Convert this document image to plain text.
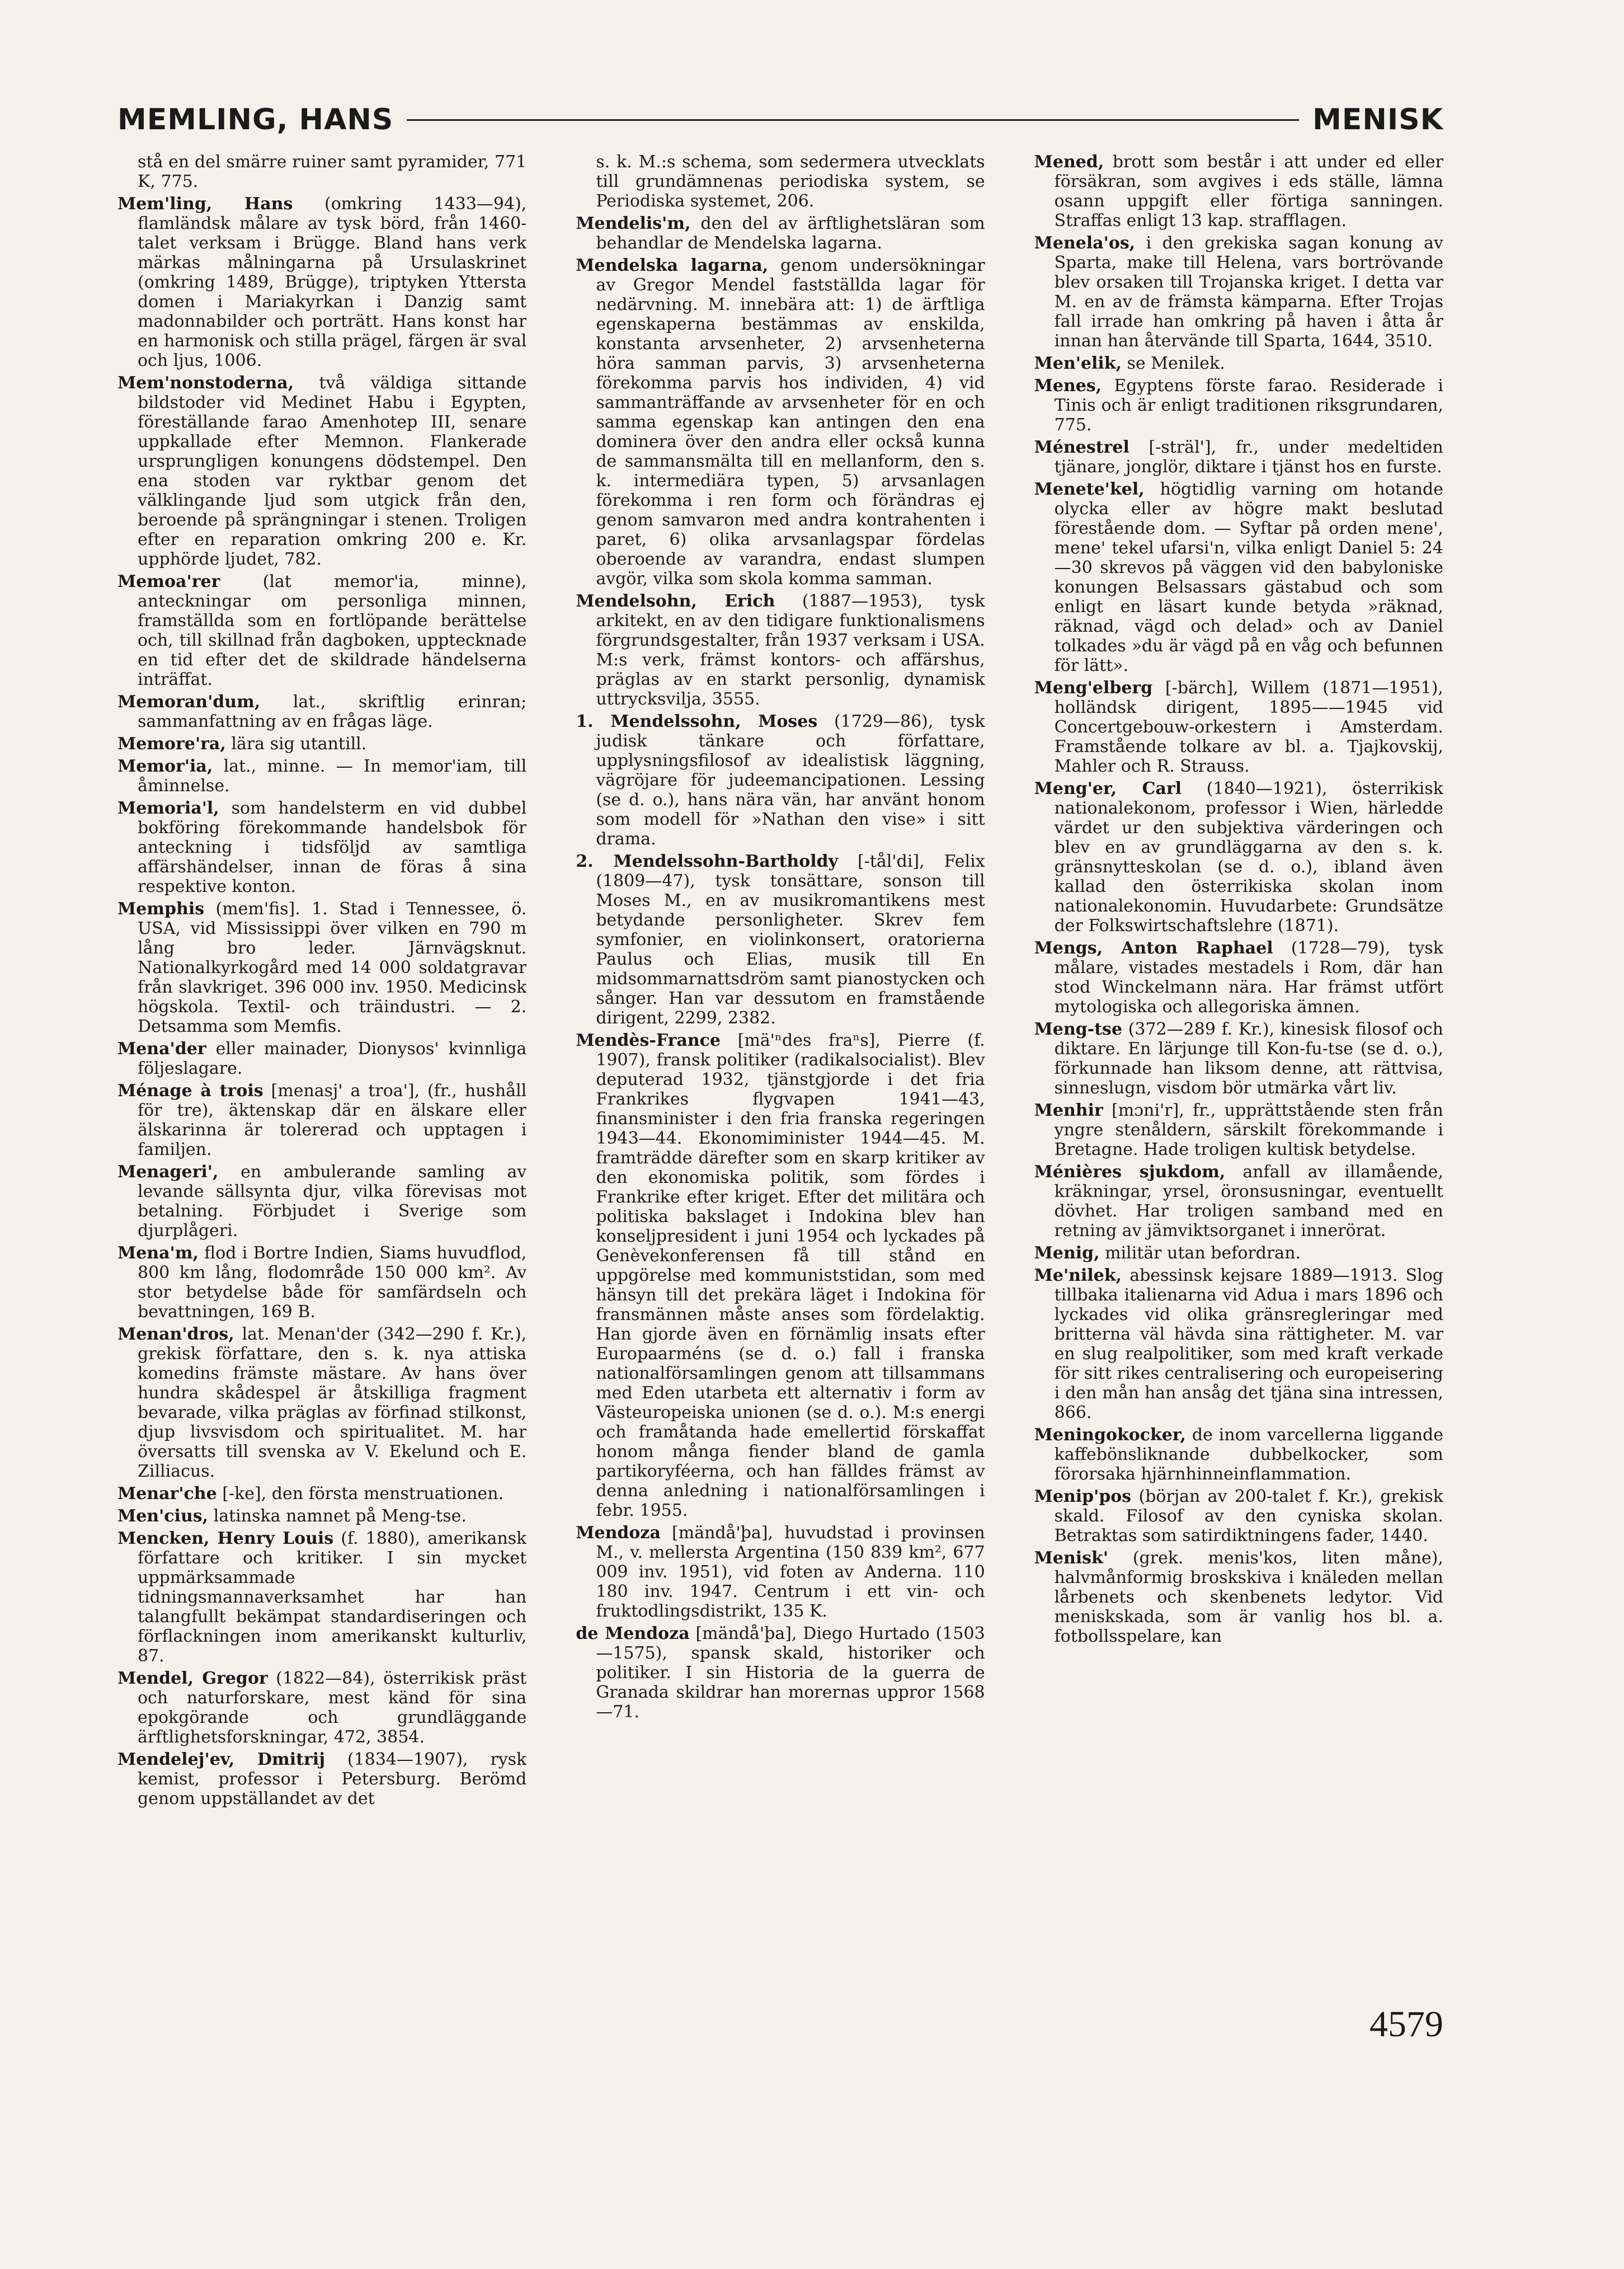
MEMLING, HANS	MENISK

stå en del smärre ruiner samt pyramider, 771 K, 775.

Mem'ling, Hans (omkring 1433—94), flamländsk målare av tysk börd, från 1460-talet verksam i Brügge. Bland hans verk märkas målningarna på Ursulaskrinet (omkring 1489, Brügge), triptyken Yttersta domen i Mariakyrkan i Danzig samt madonnabilder och porträtt. Hans konst har en harmonisk och stilla prägel, färgen är sval och ljus, 1006.

Mem'nonstoderna, två väldiga sittande bildstoder vid Medinet Habu i Egypten, föreställande farao Amenhotep III, senare uppkallade efter Memnon. Flankerade ursprungligen konungens dödstempel. Den ena stoden var ryktbar genom det välklingande ljud som utgick från den, beroende på sprängningar i stenen. Troligen efter en reparation omkring 200 e. Kr. upphörde ljudet, 782.

Memoa'rer (lat memor'ia, minne), anteckningar om personliga minnen, framställda som en fortlöpande berättelse och, till skillnad från dagboken, upptecknade en tid efter det de skildrade händelserna inträffat.

Memoran'dum, lat., skriftlig erinran; sammanfattning av en frågas läge.

Memore'ra, lära sig utantill.

Memor'ia, lat., minne. — In memor'iam, till åminnelse.

Memoria'l, som handelsterm en vid dubbel bokföring förekommande handelsbok för anteckning i tidsföljd av samtliga affärshändelser, innan de föras å sina respektive konton.

Memphis (mem'fis]. 1. Stad i Tennessee, ö. USA, vid Mississippi över vilken en 790 m lång bro leder. Järnvägsknut. Nationalkyrkogård med 14 000 soldatgravar från slavkriget. 396 000 inv. 1950. Medicinsk högskola. Textil- och träindustri. — 2. Detsamma som Memfis.

Mena'der eller mainader, Dionysos' kvinnliga följeslagare.

Ménage à trois [menasj' a troa'], (fr., hushåll för tre), äktenskap där en älskare eller älskarinna är tolererad och upptagen i familjen.

Menageri', en ambulerande samling av levande sällsynta djur, vilka förevisas mot betalning. Förbjudet i Sverige som djurplågeri.

Mena'm, flod i Bortre Indien, Siams huvudflod, 800 km lång, flodområde 150 000 km². Av stor betydelse både för samfärdseln och bevattningen, 169 B.

Menan'dros, lat. Menan'der (342—290 f. Kr.), grekisk författare, den s. k. nya attiska komedins främste mästare. Av hans över hundra skådespel är åtskilliga fragment bevarade, vilka präglas av förfinad stilkonst, djup livsvisdom och spiritualitet. M. har översatts till svenska av V. Ekelund och E. Zilliacus.

Menar'che [-ke], den första menstruationen.

Men'cius, latinska namnet på Meng-tse.

Mencken, Henry Louis (f. 1880), amerikansk författare och kritiker. I sin mycket uppmärksammade tidningsmannaverksamhet har han talangfullt bekämpat standardiseringen och förflackningen inom amerikanskt kulturliv, 87.

Mendel, Gregor (1822—84), österrikisk präst och naturforskare, mest känd för sina epokgörande och grundläggande ärftlighetsforskningar, 472, 3854.

Mendelej'ev, Dmitrij (1834—1907), rysk kemist, professor i Petersburg. Berömd genom uppställandet av det

s. k. M.:s schema, som sedermera utvecklats till grundämnenas periodiska system, se Periodiska systemet, 206.

Mendelis'm, den del av ärftlighetsläran som behandlar de Mendelska lagarna.

Mendelska lagarna, genom undersökningar av Gregor Mendel fastställda lagar för nedärvning. M. innebära att: 1) de ärftliga egenskaperna bestämmas av enskilda, konstanta arvsenheter, 2) arvsenheterna höra samman parvis, 3) arvsenheterna förekomma parvis hos individen, 4) vid sammanträffande av arvsenheter för en och samma egenskap kan antingen den ena dominera över den andra eller också kunna de sammansmälta till en mellanform, den s. k. intermediära typen, 5) arvsanlagen förekomma i ren form och förändras ej genom samvaron med andra kontrahenten i paret, 6) olika arvsanlagspar fördelas oberoende av varandra, endast slumpen avgör, vilka som skola komma samman.

Mendelsohn, Erich (1887—1953), tysk arkitekt, en av den tidigare funktionalismens förgrundsgestalter, från 1937 verksam i USA. M:s verk, främst kontors- och affärshus, präglas av en starkt personlig, dynamisk uttrycksvilja, 3555.

1. Mendelssohn, Moses (1729—86), tysk judisk tänkare och författare, upplysningsfilosof av idealistisk läggning, vägröjare för judeemancipationen. Lessing (se d. o.), hans nära vän, har använt honom som modell för »Nathan den vise» i sitt drama.

2. Mendelssohn-Bartholdy [-tål'di], Felix (1809—47), tysk tonsättare, sonson till Moses M., en av musikromantikens mest betydande personligheter. Skrev fem symfonier, en violinkonsert, oratorierna Paulus och Elias, musik till En midsommarnattsdröm samt pianostycken och sånger. Han var dessutom en framstående dirigent, 2299, 2382.

Mendès-France [mä'ⁿdes fraⁿs], Pierre (f. 1907), fransk politiker (radikalsocialist). Blev deputerad 1932, tjänstgjorde i det fria Frankrikes flygvapen 1941—43, finansminister i den fria franska regeringen 1943—44. Ekonomiminister 1944—45. M. framträdde därefter som en skarp kritiker av den ekonomiska politik, som fördes i Frankrike efter kriget. Efter det militära och politiska bakslaget i Indokina blev han konseljpresident i juni 1954 och lyckades på Genèvekonferensen få till stånd en uppgörelse med kommuniststidan, som med hänsyn till det prekära läget i Indokina för fransmännen måste anses som fördelaktig. Han gjorde även en förnämlig insats efter Europaarméns (se d. o.) fall i franska nationalförsamlingen genom att tillsammans med Eden utarbeta ett alternativ i form av Västeuropeiska unionen (se d. o.). M:s energi och framåtanda hade emellertid förskaffat honom många fiender bland de gamla partikoryféerna, och han fälldes främst av denna anledning i nationalförsamlingen i febr. 1955.

Mendoza [mändå'þa], huvudstad i provinsen M., v. mellersta Argentina (150 839 km², 677 009 inv. 1951), vid foten av Anderna. 110 180 inv. 1947. Centrum i ett vin- och fruktodlingsdistrikt, 135 K.

de Mendoza [mändå'þa], Diego Hurtado (1503—1575), spansk skald, historiker och politiker. I sin Historia de la guerra de Granada skildrar han morernas uppror 1568—71.

Mened, brott som består i att under ed eller försäkran, som avgives i eds ställe, lämna osann uppgift eller förtiga sanningen. Straffas enligt 13 kap. strafflagen.

Menela'os, i den grekiska sagan konung av Sparta, make till Helena, vars bortrövande blev orsaken till Trojanska kriget. I detta var M. en av de främsta kämparna. Efter Trojas fall irrade han omkring på haven i åtta år innan han återvände till Sparta, 1644, 3510.

Men'elik, se Menilek.

Menes, Egyptens förste farao. Residerade i Tinis och är enligt traditionen riksgrundaren, 775.

Ménestrel [-sträl'], fr., under medeltiden tjänare, jonglör, diktare i tjänst hos en furste.

Menete'kel, högtidlig varning om hotande olycka eller av högre makt beslutad förestående dom. — Syftar på orden mene', mene' tekel ufarsi'n, vilka enligt Daniel 5: 24—30 skrevos på väggen vid den babyloniske konungen Belsassars gästabud och som enligt en läsart kunde betyda »räknad, räknad, vägd och delad» och av Daniel tolkades »du är vägd på en våg och befunnen för lätt».

Meng'elberg [-bärch], Willem (1871—1951), holländsk dirigent, 1895——1945 vid Concertgebouw-orkestern i Amsterdam. Framstående tolkare av bl. a. Tjajkovskij, Mahler och R. Strauss.

Meng'er, Carl (1840—1921), österrikisk nationalekonom, professor i Wien, härledde värdet ur den subjektiva värderingen och blev en av grundläggarna av den s. k. gränsnytteskolan (se d. o.), ibland även kallad den österrikiska skolan inom nationalekonomin. Huvudarbete: Grundsätze der Folkswirtschaftslehre (1871).

Mengs, Anton Raphael (1728—79), tysk målare, vistades mestadels i Rom, där han stod Winckelmann nära. Har främst utfört mytologiska och allegoriska ämnen.

Meng-tse (372—289 f. Kr.), kinesisk filosof och diktare. En lärjunge till Kon-fu-tse (se d. o.), förkunnade han liksom denne, att rättvisa, sinneslugn, visdom bör utmärka vårt liv.

Menhir [mɔni'r], fr., upprättstående sten från yngre stenåldern, särskilt förekommande i Bretagne. Hade troligen kultisk betydelse.

Ménières sjukdom, anfall av illamående, kräkningar, yrsel, öronsusningar, eventuellt dövhet. Har troligen samband med en retning av jämviktsorganet i innerörat.

Menig, militär utan befordran.

Me'nilek, abessinsk kejsare 1889—1913. Slog tillbaka italienarna vid Adua i mars 1896 och lyckades vid olika gränsregleringar med britterna väl hävda sina rättigheter. M. var en slug realpolitiker, som med kraft verkade för sitt rikes centralisering och europeisering i den mån han ansåg det tjäna sina intressen, 866.

Meningokocker, de inom varcellerna liggande kaffebönsliknande dubbelkocker, som förorsaka hjärnhinneinflammation.

Menip'pos (början av 200-talet f. Kr.), grekisk skald. Filosof av den cyniska skolan. Betraktas som satirdiktningens fader, 1440.

Menisk' (grek. menis'kos, liten måne), halvmånformig broskskiva i knäleden mellan lårbenets och skenbenets ledytor. Vid meniskskada, som är vanlig hos bl. a. fotbollsspelare, kan

4579
